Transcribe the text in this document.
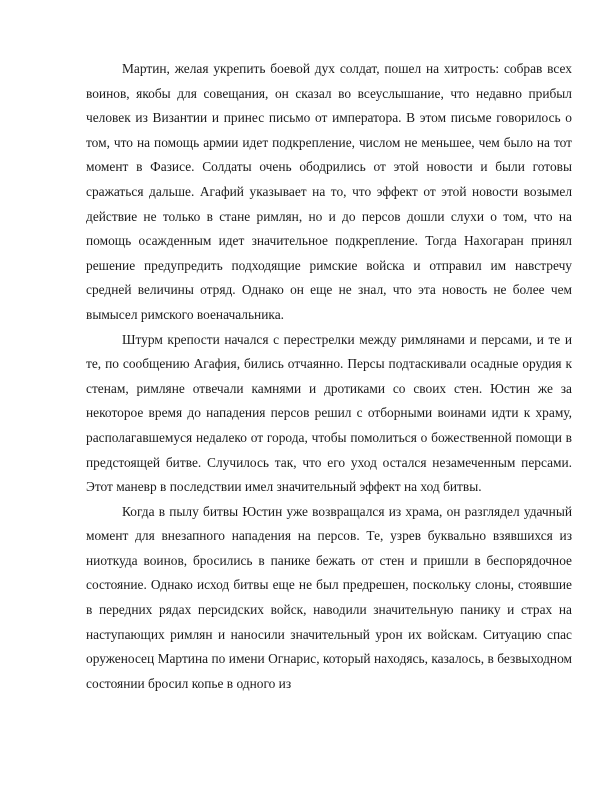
Мартин, желая укрепить боевой дух солдат, пошел на хитрость: собрав всех воинов, якобы для совещания, он сказал во всеуслышание, что недавно прибыл человек из Византии и принес письмо от императора. В этом письме говорилось о том, что на помощь армии идет подкрепление, числом не меньшее, чем было на тот момент в Фазисе. Солдаты очень ободрились от этой новости и были готовы сражаться дальше. Агафий указывает на то, что эффект от этой новости возымел действие не только в стане римлян, но и до персов дошли слухи о том, что на помощь осажденным идет значительное подкрепление. Тогда Нахогаран принял решение предупредить подходящие римские войска и отправил им навстречу средней величины отряд. Однако он еще не знал, что эта новость не более чем вымысел римского военачальника.

Штурм крепости начался с перестрелки между римлянами и персами, и те и те, по сообщению Агафия, бились отчаянно. Персы подтаскивали осадные орудия к стенам, римляне отвечали камнями и дротиками со своих стен. Юстин же за некоторое время до нападения персов решил с отборными воинами идти к храму, располагавшемуся недалеко от города, чтобы помолиться о божественной помощи в предстоящей битве. Случилось так, что его уход остался незамеченным персами. Этот маневр в последствии имел значительный эффект на ход битвы.

Когда в пылу битвы Юстин уже возвращался из храма, он разглядел удачный момент для внезапного нападения на персов. Те, узрев буквально взявшихся из ниоткуда воинов, бросились в панике бежать от стен и пришли в беспорядочное состояние. Однако исход битвы еще не был предрешен, поскольку слоны, стоявшие в передних рядах персидских войск, наводили значительную панику и страх на наступающих римлян и наносили значительный урон их войскам. Ситуацию спас оруженосец Мартина по имени Огнарис, который находясь, казалось, в безвыходном состоянии бросил копье в одного из
